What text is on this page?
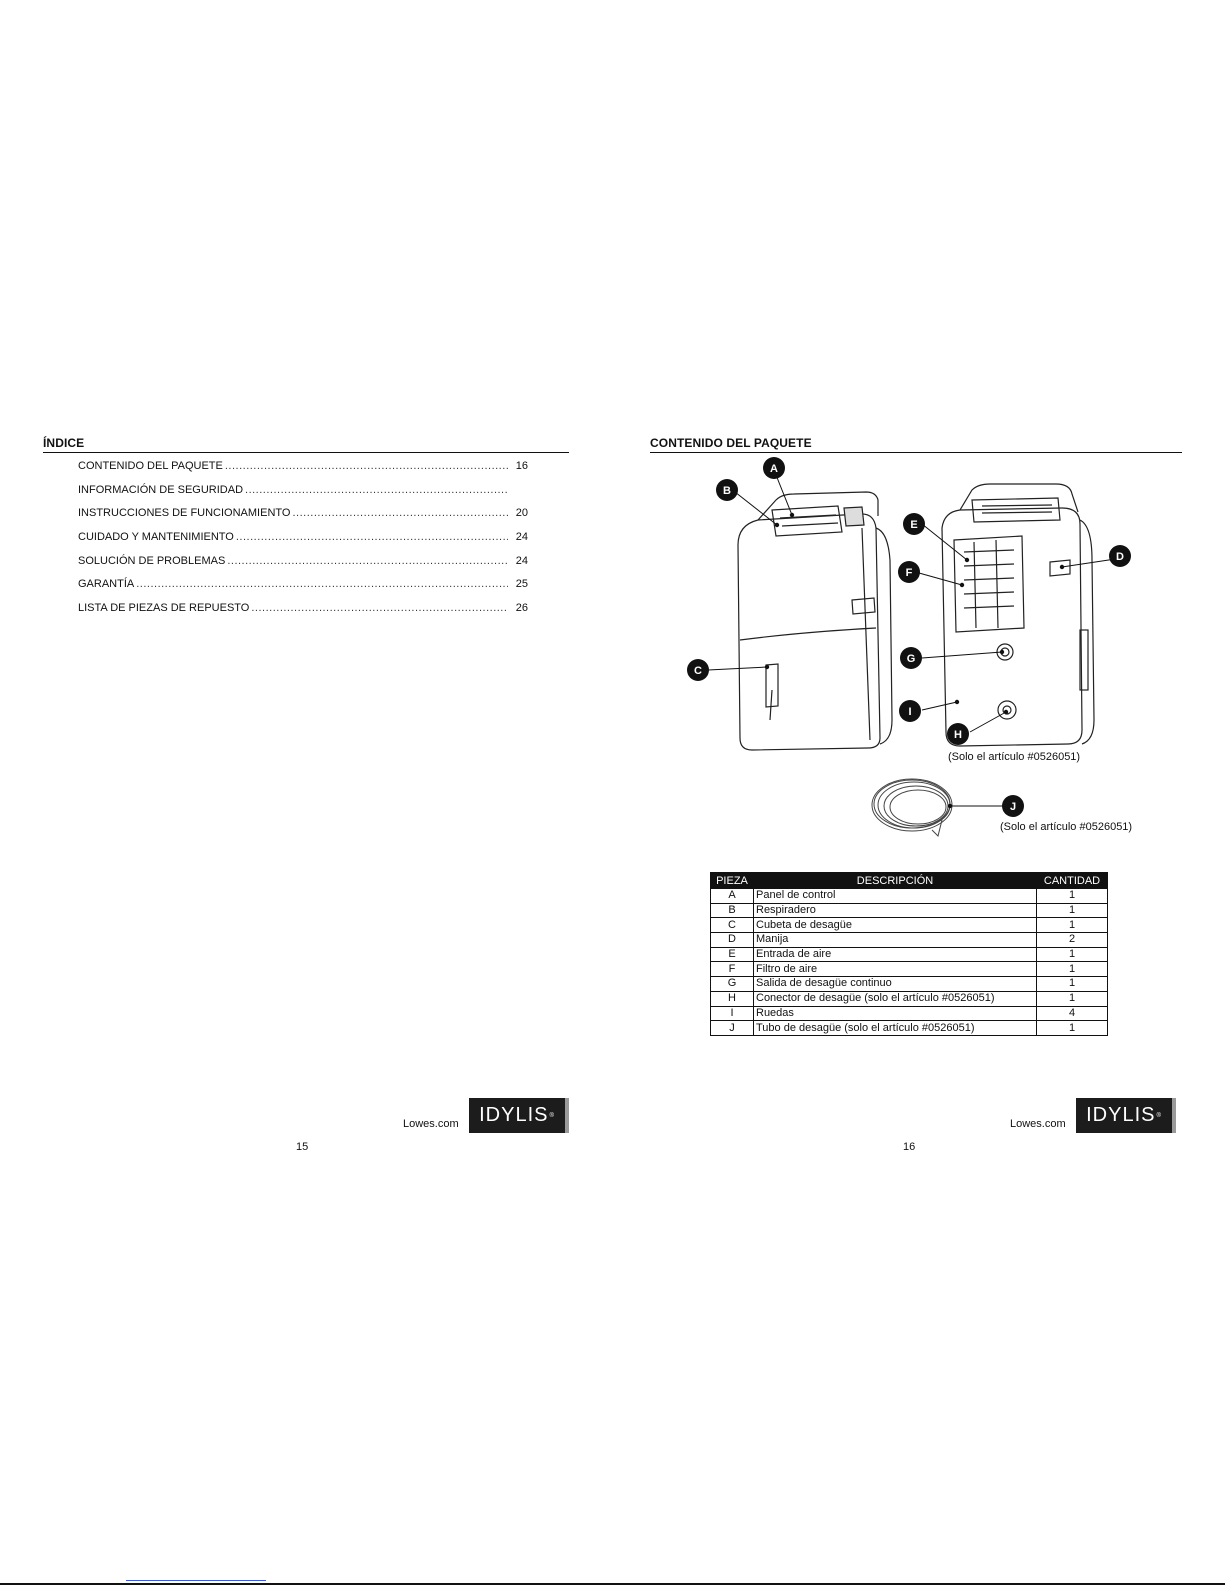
ÍNDICE
CONTENIDO DEL PAQUETE .....	16
INFORMACIÓN DE SEGURIDAD
.....
INSTRUCCIONES DE FUNCIONAMIENTO .....	20
CUIDADO Y MANTENIMIENTO .....	24
SOLUCIÓN DE PROBLEMAS .....	24
GARANTÍA .....	25
LISTA DE PIEZAS DE REPUESTO .....	26
Lowes.com IDYLIS ®
15
CONTENIDO DEL PAQUETE
A
B
C
D
E
F
G
I
H
J
(Solo el artículo #0526051)
(Solo el artículo #0526051)
PIEZA	DESCRIPCIÓN	CANTIDAD
A	Panel de control	1
B	Respiradero	1
C	Cubeta de desagüe	1
D	Manija	2
E	Entrada de aire	1
F	Filtro de aire	1
G	Salida de desagüe continuo	1
H	Conector de desagüe (solo el artículo #0526051)	1
I	Ruedas	4
J	Tubo de desagüe (solo el artículo #0526051)	1
Lowes.com IDYLIS ®
16
